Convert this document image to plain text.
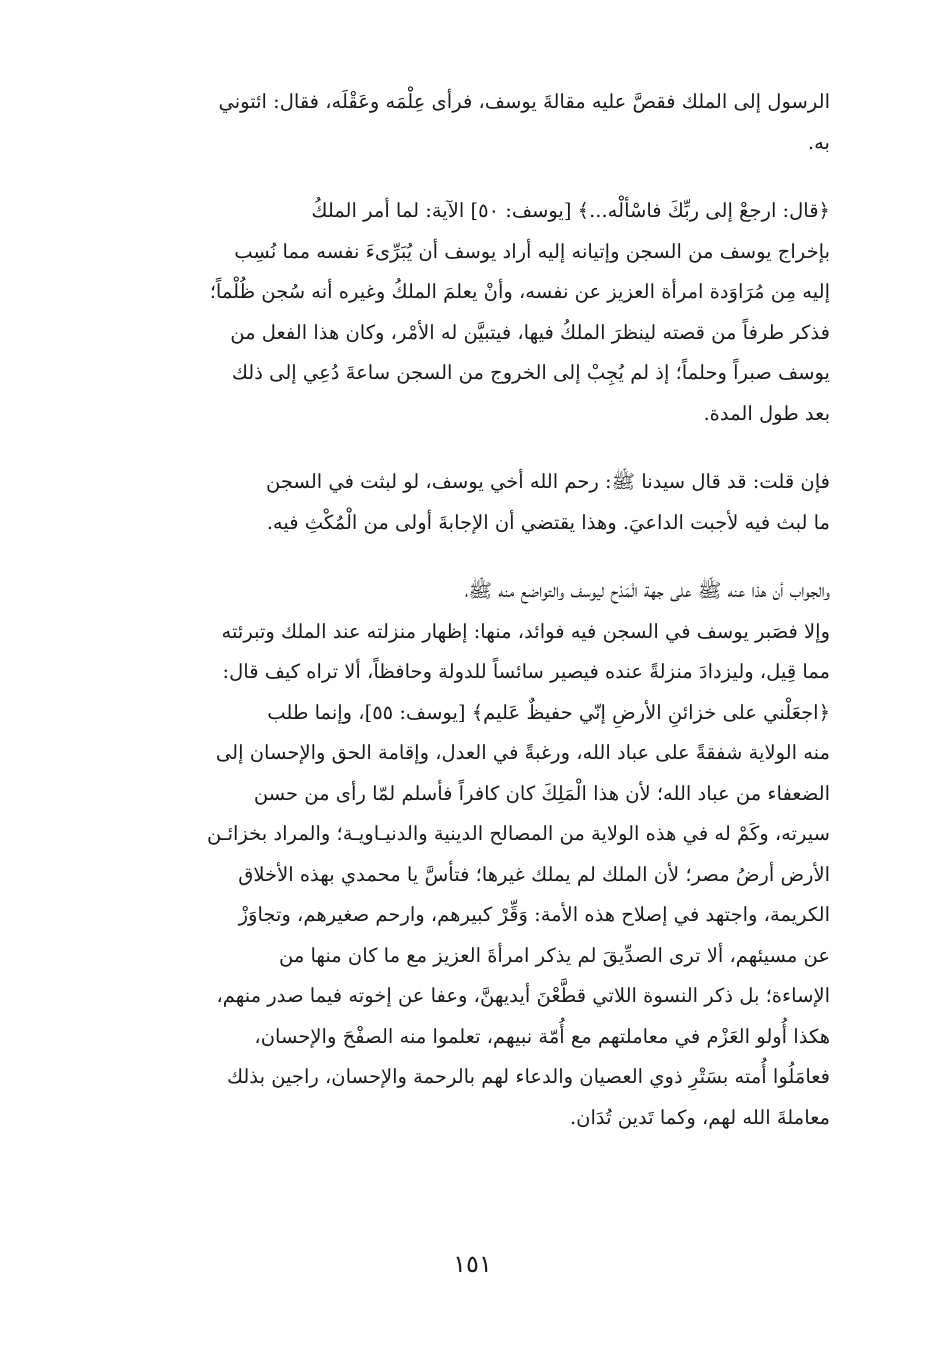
الرسول إلى الملك فقصَّ عليه مقالةَ يوسف، فرأى عِلْمَه وعَقْلَه، فقال: ائتوني
به.

﴿قال: ارجعْ إلى ربِّكَ فاسْألْه...﴾ [يوسف: ٥٠] الآية: لما أمر الملكُ
بإخراج يوسف من السجن وإتيانه إليه أراد يوسف أن يُبَرِّىءَ نفسه مما نُسِب
إليه مِن مُرَاوَدة امرأة العزيز عن نفسه، وأنْ يعلمَ الملكُ وغيره أنه سُجن ظُلْماً؛
فذكر طرفاً من قصته لينظرَ الملكُ فيها، فيتبيَّن له الأمْر، وكان هذا الفعل من
يوسف صبراً وحلماً؛ إذ لم يُجِبْ إلى الخروج من السجن ساعةَ دُعِي إلى ذلك
بعد طول المدة.

فإن قلت: قد قال سيدنا ﷺ: رحم الله أخي يوسف، لو لبثت في السجن
ما لبث فيه لأجبت الداعيَ. وهذا يقتضي أن الإجابةَ أولى من الْمُكْثِ فيه.

والجواب أن هذا عنه ﷺ على جهة الْمَدْح ليوسف والتواضع منه ﷺ،
وإلا فصَبر يوسف في السجن فيه فوائد، منها: إظهار منزلته عند الملك وتبرئته
مما قِيل، وليزدادَ منزلةً عنده فيصير سائساً للدولة وحافظاً، ألا تراه كيف قال:
﴿اجعَلْني على خزائنِ الأرضِ إنّي حفيظٌ عَليم﴾ [يوسف: ٥٥]، وإنما طلب
منه الولاية شفقةً على عباد الله، ورغبةً في العدل، وإقامة الحق والإحسان إلى
الضعفاء من عباد الله؛ لأن هذا الْمَلِكَ كان كافراً فأسلم لمّا رأى من حسن
سيرته، وكَمْ له في هذه الولاية من المصالح الدينية والدنيـاويـة؛ والمراد بخزائـن
الأرض أرضُ مصر؛ لأن الملك لم يملك غيرها؛ فتأسَّ يا محمدي بهذه الأخلاق
الكريمة، واجتهد في إصلاح هذه الأمة: وَقِّرْ كبيرهم، وارحم صغيرهم، وتجاوَزْ
عن مسيئهم، ألا ترى الصدِّيقَ لم يذكر امرأةَ العزيز مع ما كان منها من
الإساءة؛ بل ذكر النسوة اللاتي قطَّعْنَ أيديهنَّ، وعفا عن إخوته فيما صدر منهم،
هكذا أُولو العَزْم في معاملتهم مع أُمّة نبيهم، تعلموا منه الصفْحَ والإحسان،
فعامَلُوا أُمته بسَتْرِ ذوي العصيان والدعاء لهم بالرحمة والإحسان، راجين بذلك
معاملةَ الله لهم، وكما تَدين تُدَان.

١٥١
